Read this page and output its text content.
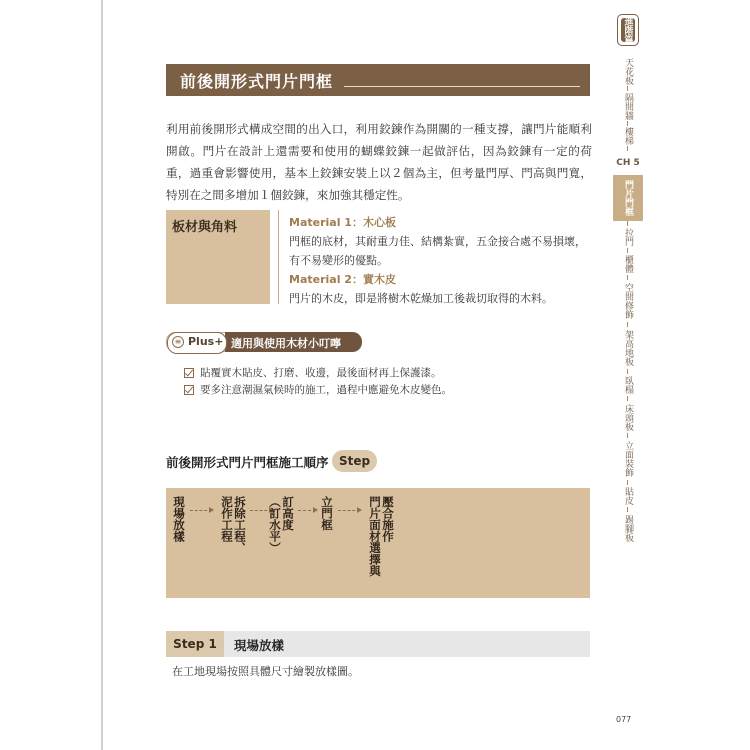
前後開形式門片門框
利用前後開形式構成空間的出入口，利用鉸鍊作為開關的一種支撐，讓門片能順利開啟。門片在設計上還需要和使用的蝴蝶鉸鍊一起做評估，因為鉸鍊有一定的荷重，過重會影響使用，基本上鉸鍊安裝上以２個為主，但考量門厚、門高與門寬，特別在之間多增加１個鉸鍊，來加強其穩定性。
板材與角料	Material 1：木心板
門框的底材，其耐重力佳、結構紮實，五金接合處不易損壞，有不易變形的優點。
Material 2：實木皮
門片的木皮，即是將樹木乾燥加工後裁切取得的木料。
≡ Plus+ 適用與使用木材小叮嚀
貼覆實木貼皮、打磨、收邊，最後面材再上保護漆。
要多注意潮濕氣候時的施工，過程中應避免木皮變色。
前後開形式門片門框施工順序 Step
現場放樣	拆除工程、
泥作工程	訂高度
（訂水平）	立門框	壓合施作
門片面材選擇與
Step 1	現場放樣
在工地現場按照具體尺寸繪製放樣圖。
077
進階篇
天花板
隔間牆
樓梯
CH 5
門片門框
拉門
櫃體
空間修飾
架高地板
臥榻
床頭板
立面裝飾
貼皮
踢腳板
